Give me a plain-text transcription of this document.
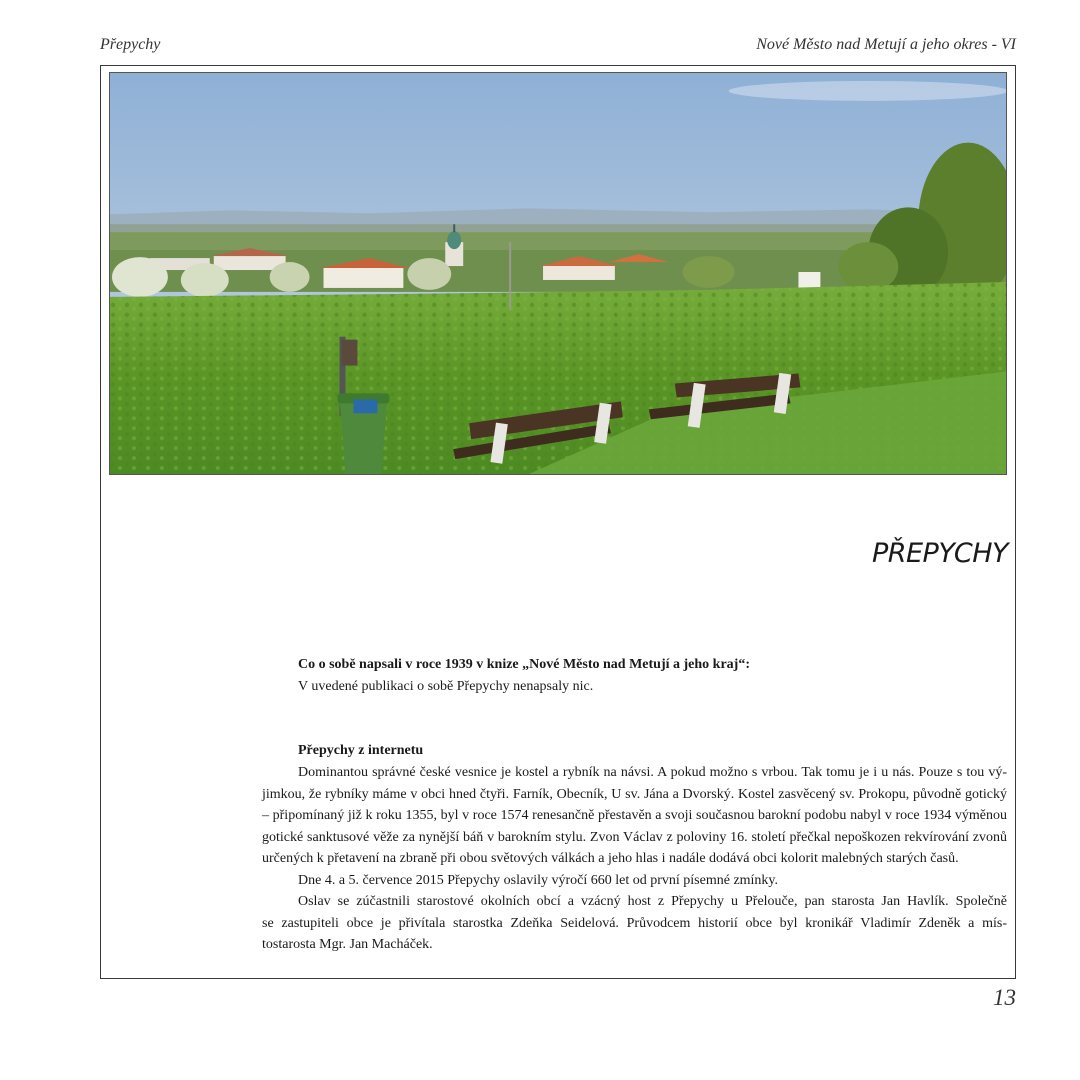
Přepychy	Nové Město nad Metují a jeho okres - VI
PŘEPYCHY
Co o sobě napsali v roce 1939 v knize „Nové Město nad Metují a jeho kraj“:
V uvedené publikaci o sobě Přepychy nenapsaly nic.
Přepychy z internetu
Dominantou správné české vesnice je kostel a rybník na návsi. A pokud možno s vrbou. Tak tomu je i u nás. Pouze s tou vý-
jimkou, že rybníky máme v obci hned čtyři. Farník, Obecník, U sv. Jána a Dvorský. Kostel zasvěcený sv. Prokopu, původně gotický
– připomínaný již k roku 1355, byl v roce 1574 renesančně přestavěn a svoji současnou barokní podobu nabyl v roce 1934 výměnou
gotické sanktusové věže za nynější báň v barokním stylu. Zvon Václav z poloviny 16. století přečkal nepoškozen rekvírování zvonů
určených k přetavení na zbraně při obou světových válkách a jeho hlas i nadále dodává obci kolorit malebných starých časů.
Dne 4. a 5. července 2015 Přepychy oslavily výročí 660 let od první písemné zmínky.
Oslav se zúčastnili starostové okolních obcí a vzácný host z Přepychy u Přelouče, pan starosta Jan Havlík. Společně
se zastupiteli obce je přivítala starostka Zdeňka Seidelová. Průvodcem historií obce byl kronikář Vladimír Zdeněk a mís-
tostarosta Mgr. Jan Macháček.
13
